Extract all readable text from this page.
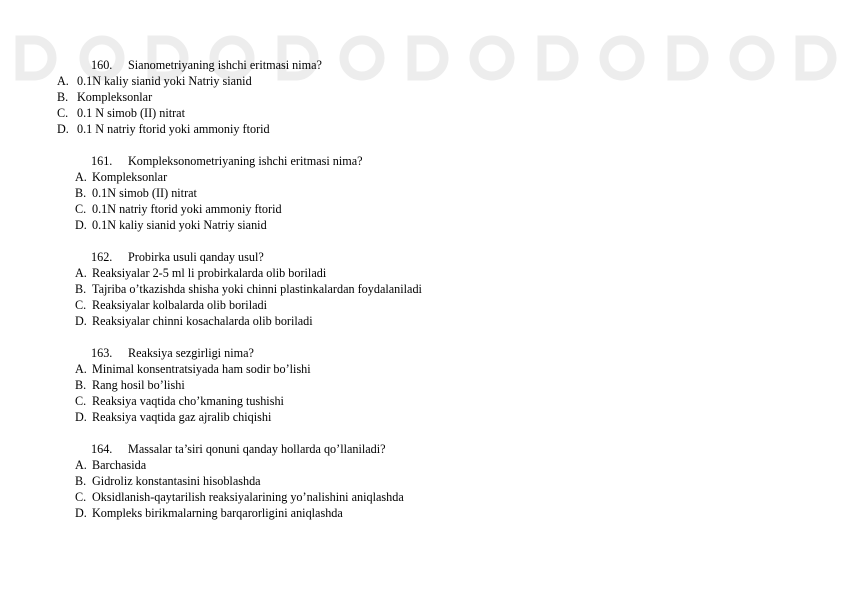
160. Sianometriyaning ishchi eritmasi nima?
A. 0.1N kaliy sianid yoki Natriy sianid
B. Kompleksonlar
C. 0.1 N simob (II) nitrat
D. 0.1 N natriy ftorid yoki ammoniy ftorid
161. Kompleksonometriyaning ishchi eritmasi nima?
A. Kompleksonlar
B. 0.1N simob (II) nitrat
C. 0.1N natriy ftorid yoki ammoniy ftorid
D. 0.1N kaliy sianid yoki Natriy sianid
162. Probirka usuli qanday usul?
A. Reaksiyalar 2-5 ml li probirkalarda olib boriladi
B. Tajriba o’tkazishda shisha yoki chinni plastinkalardan foydalaniladi
C. Reaksiyalar kolbalarda olib boriladi
D. Reaksiyalar chinni kosachalarda olib boriladi
163. Reaksiya sezgirligi nima?
A. Minimal konsentratsiyada ham sodir bo’lishi
B. Rang hosil bo’lishi
C. Reaksiya vaqtida cho’kmaning tushishi
D. Reaksiya vaqtida gaz ajralib chiqishi
164. Massalar ta’siri qonuni qanday hollarda qo’llaniladi?
A. Barchasida
B. Gidroliz konstantasini hisoblashda
C. Oksidlanish-qaytarilish reaksiyalarining yo’nalishini aniqlashda
D. Kompleks birikmalarning barqarorligini aniqlashda
